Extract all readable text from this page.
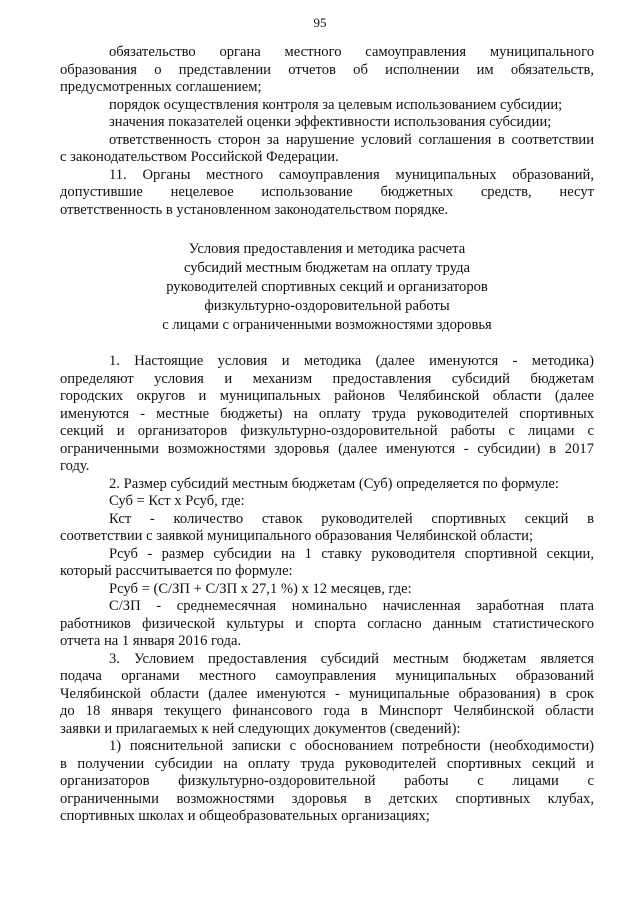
95
обязательство органа местного самоуправления муниципального
образования о представлении отчетов об исполнении им обязательств,
предусмотренных соглашением;
порядок осуществления контроля за целевым использованием субсидии;
значения показателей оценки эффективности использования субсидии;
ответственность сторон за нарушение условий соглашения в соответствии
с законодательством Российской Федерации.
11. Органы местного самоуправления муниципальных образований,
допустившие нецелевое использование бюджетных средств, несут
ответственность в установленном законодательством порядке.
Условия предоставления и методика расчета
субсидий местным бюджетам на оплату труда
руководителей спортивных секций и организаторов
физкультурно-оздоровительной работы
с лицами с ограниченными возможностями здоровья
1. Настоящие условия и методика (далее именуются - методика)
определяют условия и механизм предоставления субсидий бюджетам
городских округов и муниципальных районов Челябинской области (далее
именуются - местные бюджеты) на оплату труда руководителей спортивных
секций и организаторов физкультурно-оздоровительной работы с лицами с
ограниченными возможностями здоровья (далее именуются - субсидии) в 2017
году.
2. Размер субсидий местным бюджетам (Суб) определяется по формуле:
Суб = Кст х Рсуб, где:
Кст - количество ставок руководителей спортивных секций в
соответствии с заявкой муниципального образования Челябинской области;
Рсуб - размер субсидии на 1 ставку руководителя спортивной секции,
который рассчитывается по формуле:
Рсуб = (С/ЗП + С/ЗП х 27,1 %) х 12 месяцев, где:
С/ЗП - среднемесячная номинально начисленная заработная плата
работников физической культуры и спорта согласно данным статистического
отчета на 1 января 2016 года.
3. Условием предоставления субсидий местным бюджетам является
подача органами местного самоуправления муниципальных образований
Челябинской области (далее именуются - муниципальные образования) в срок
до 18 января текущего финансового года в Минспорт Челябинской области
заявки и прилагаемых к ней следующих документов (сведений):
1) пояснительной записки с обоснованием потребности (необходимости)
в получении субсидии на оплату труда руководителей спортивных секций и
организаторов физкультурно-оздоровительной работы с лицами с
ограниченными возможностями здоровья в детских спортивных клубах,
спортивных школах и общеобразовательных организациях;
